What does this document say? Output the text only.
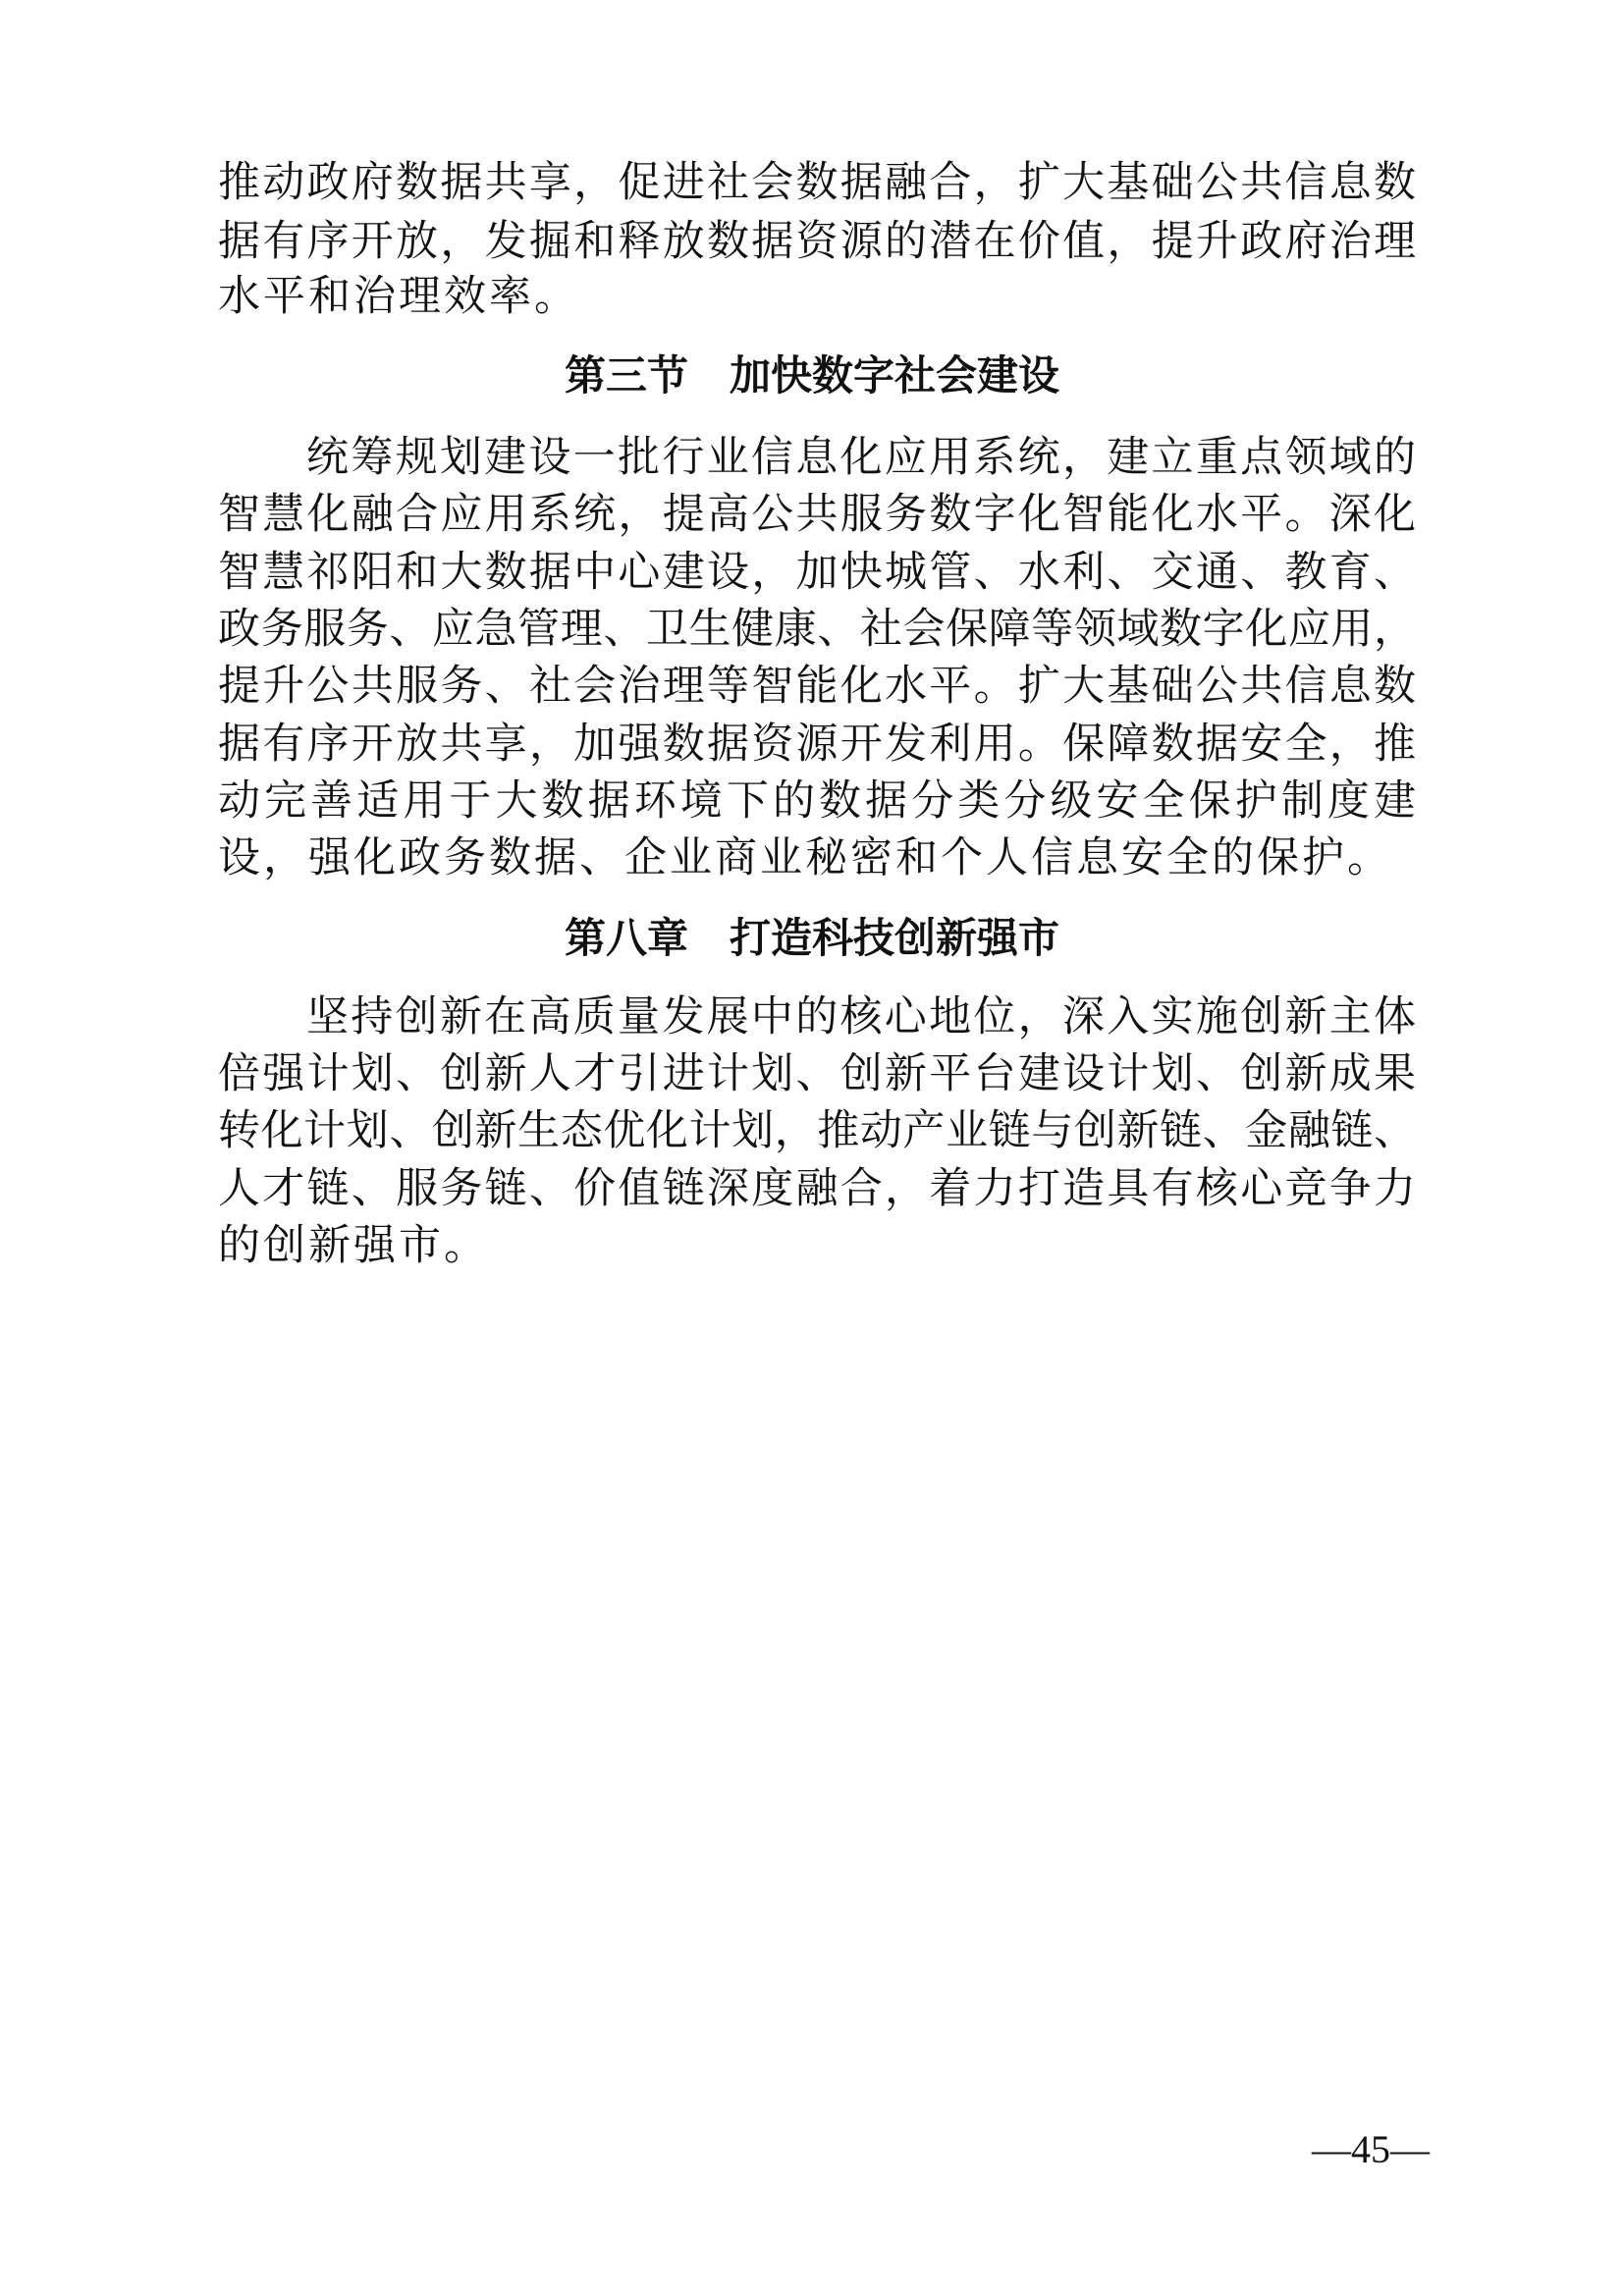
推动政府数据共享，促进社会数据融合，扩大基础公共信息数
据有序开放，发掘和释放数据资源的潜在价值，提升政府治理
水平和治理效率。
第三节　加快数字社会建设
统筹规划建设一批行业信息化应用系统，建立重点领域的
智慧化融合应用系统，提高公共服务数字化智能化水平。深化
智慧祁阳和大数据中心建设，加快城管、水利、交通、教育、
政务服务、应急管理、卫生健康、社会保障等领域数字化应用，
提升公共服务、社会治理等智能化水平。扩大基础公共信息数
据有序开放共享，加强数据资源开发利用。保障数据安全，推
动完善适用于大数据环境下的数据分类分级安全保护制度建
设，强化政务数据、企业商业秘密和个人信息安全的保护。
第八章　打造科技创新强市
坚持创新在高质量发展中的核心地位，深入实施创新主体
倍强计划、创新人才引进计划、创新平台建设计划、创新成果
转化计划、创新生态优化计划，推动产业链与创新链、金融链、
人才链、服务链、价值链深度融合，着力打造具有核心竞争力
的创新强市。
—45—
